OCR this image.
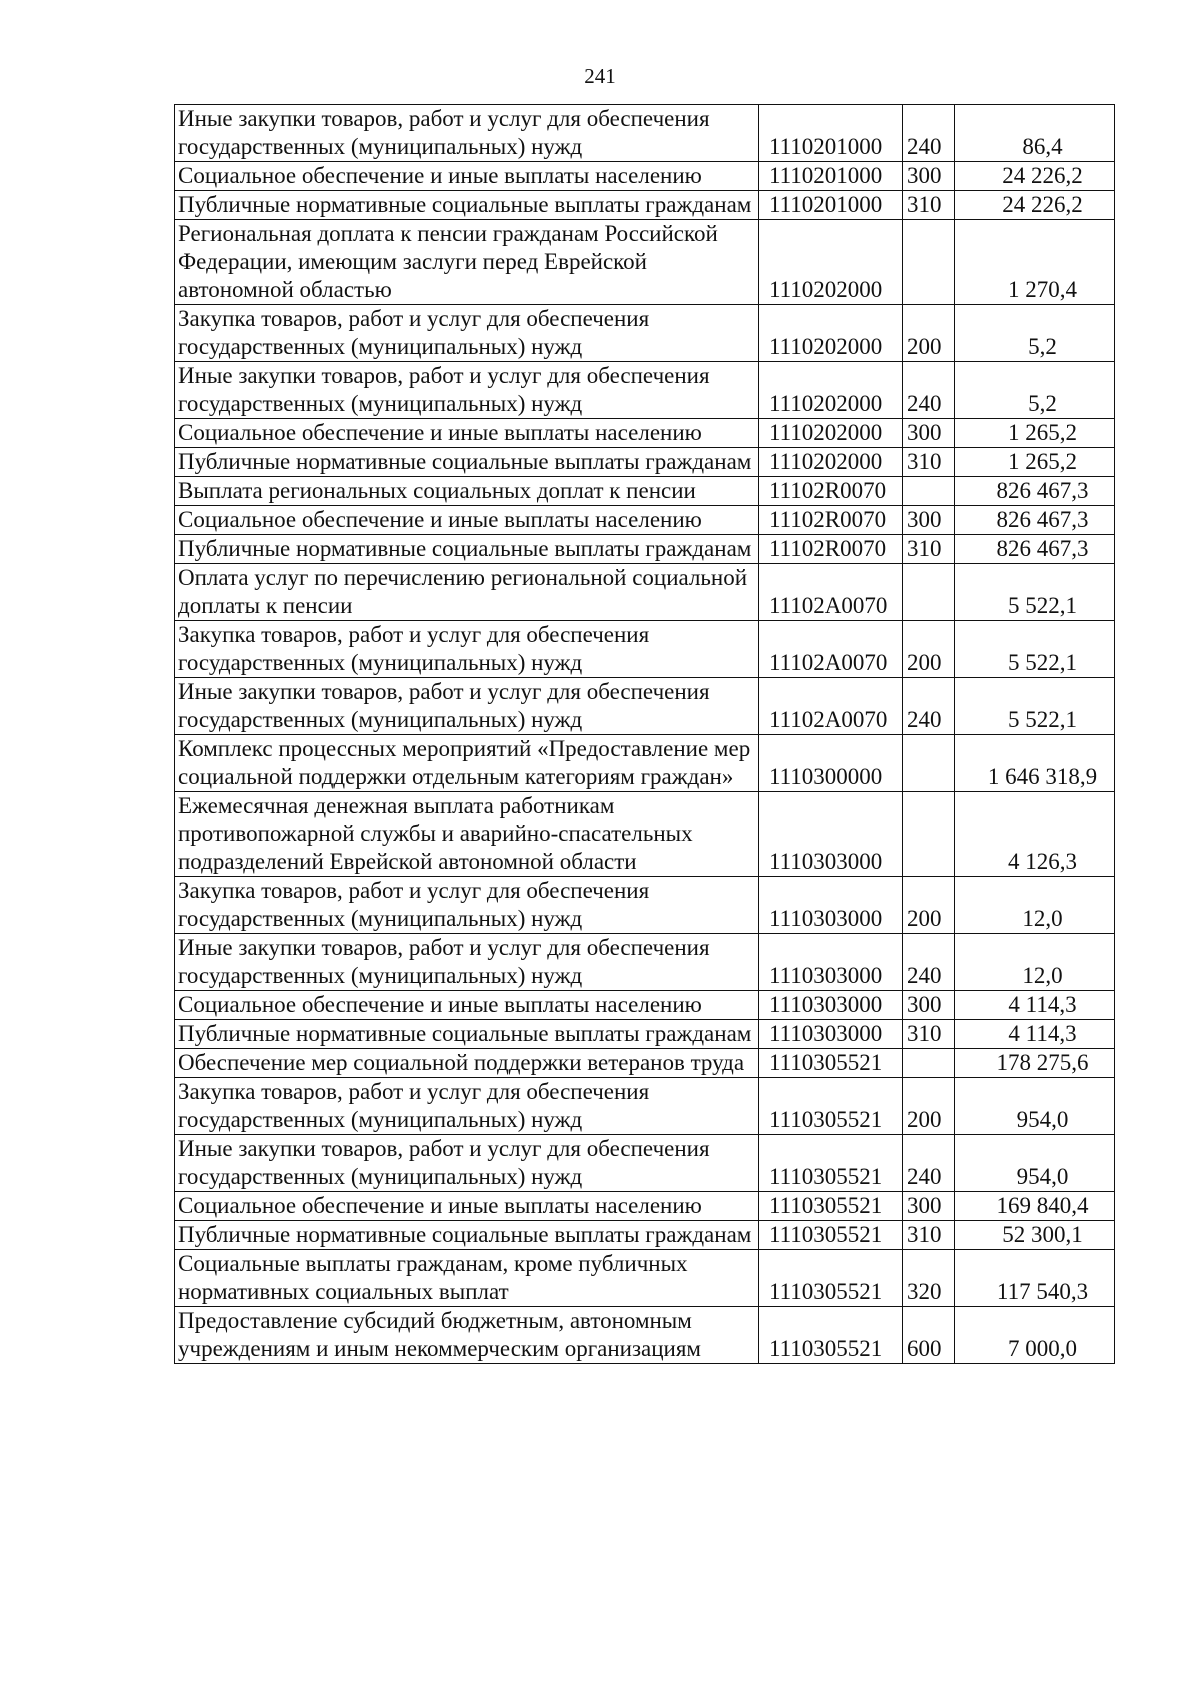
241
Иные закупки товаров, работ и услуг для обеспечения государственных (муниципальных) нужд	1110201000	240	86,4
Социальное обеспечение и иные выплаты населению	1110201000	300	24 226,2
Публичные нормативные социальные выплаты гражданам	1110201000	310	24 226,2
Региональная доплата к пенсии гражданам Российской Федерации, имеющим заслуги перед Еврейской автономной областью	1110202000		1 270,4
Закупка товаров, работ и услуг для обеспечения государственных (муниципальных) нужд	1110202000	200	5,2
Иные закупки товаров, работ и услуг для обеспечения государственных (муниципальных) нужд	1110202000	240	5,2
Социальное обеспечение и иные выплаты населению	1110202000	300	1 265,2
Публичные нормативные социальные выплаты гражданам	1110202000	310	1 265,2
Выплата региональных социальных доплат к пенсии	11102R0070		826 467,3
Социальное обеспечение и иные выплаты населению	11102R0070	300	826 467,3
Публичные нормативные социальные выплаты гражданам	11102R0070	310	826 467,3
Оплата услуг по перечислению региональной социальной доплаты к пенсии	11102A0070		5 522,1
Закупка товаров, работ и услуг для обеспечения государственных (муниципальных) нужд	11102A0070	200	5 522,1
Иные закупки товаров, работ и услуг для обеспечения государственных (муниципальных) нужд	11102A0070	240	5 522,1
Комплекс процессных мероприятий «Предоставление мер социальной поддержки отдельным категориям граждан»	1110300000		1 646 318,9
Ежемесячная денежная выплата работникам противопожарной службы и аварийно-спасательных подразделений Еврейской автономной области	1110303000		4 126,3
Закупка товаров, работ и услуг для обеспечения государственных (муниципальных) нужд	1110303000	200	12,0
Иные закупки товаров, работ и услуг для обеспечения государственных (муниципальных) нужд	1110303000	240	12,0
Социальное обеспечение и иные выплаты населению	1110303000	300	4 114,3
Публичные нормативные социальные выплаты гражданам	1110303000	310	4 114,3
Обеспечение мер социальной поддержки ветеранов труда	1110305521		178 275,6
Закупка товаров, работ и услуг для обеспечения государственных (муниципальных) нужд	1110305521	200	954,0
Иные закупки товаров, работ и услуг для обеспечения государственных (муниципальных) нужд	1110305521	240	954,0
Социальное обеспечение и иные выплаты населению	1110305521	300	169 840,4
Публичные нормативные социальные выплаты гражданам	1110305521	310	52 300,1
Социальные выплаты гражданам, кроме публичных нормативных социальных выплат	1110305521	320	117 540,3
Предоставление субсидий бюджетным, автономным учреждениям и иным некоммерческим организациям	1110305521	600	7 000,0
